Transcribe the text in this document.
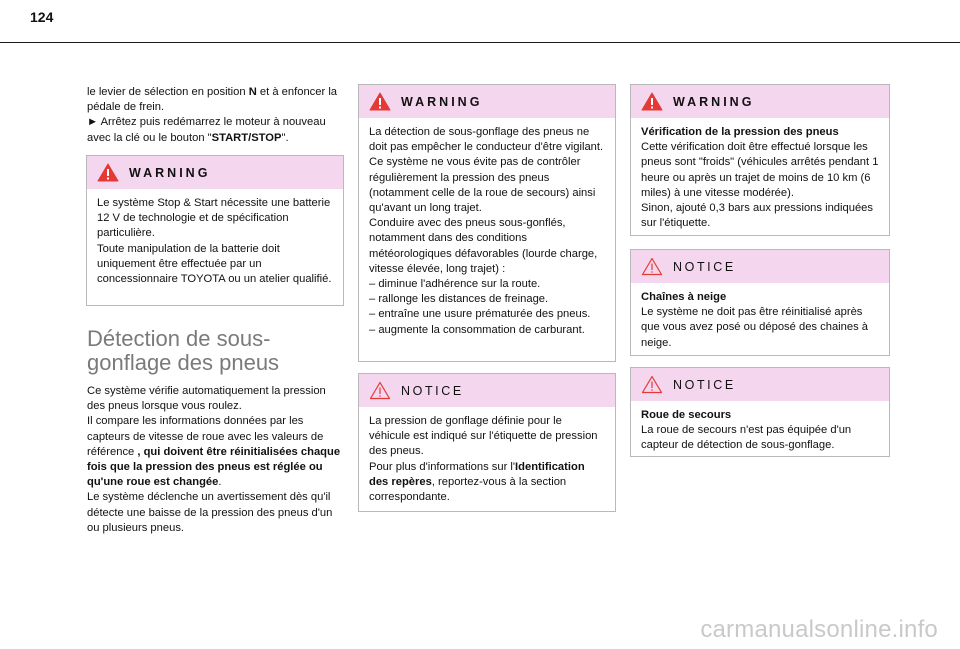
124

le levier de sélection en position N et à enfoncer la pédale de frein.

► Arrêtez puis redémarrez le moteur à nouveau avec la clé ou le bouton "START/STOP".

WARNING

Le système Stop & Start nécessite une batterie 12 V de technologie et de spécification particulière.

Toute manipulation de la batterie doit uniquement être effectuée par un concessionnaire TOYOTA ou un atelier qualifié.

Détection de sous-gonflage des pneus

Ce système vérifie automatiquement la pression des pneus lorsque vous roulez.

Il compare les informations données par les capteurs de vitesse de roue avec les valeurs de référence , qui doivent être réinitialisées chaque fois que la pression des pneus est réglée ou qu'une roue est changée.

Le système déclenche un avertissement dès qu'il détecte une baisse de la pression des pneus d'un ou plusieurs pneus.

WARNING

La détection de sous-gonflage des pneus ne doit pas empêcher le conducteur d'être vigilant.

Ce système ne vous évite pas de contrôler régulièrement la pression des pneus (notamment celle de la roue de secours) ainsi qu'avant un long trajet.

Conduire avec des pneus sous-gonflés, notamment dans des conditions météorologiques défavorables (lourde charge, vitesse élevée, long trajet) :

– diminue l'adhérence sur la route.

– rallonge les distances de freinage.

– entraîne une usure prématurée des pneus.

– augmente la consommation de carburant.

NOTICE

La pression de gonflage définie pour le véhicule est indiqué sur l'étiquette de pression des pneus.

Pour plus d'informations sur l'Identification des repères, reportez-vous à la section correspondante.

WARNING

Vérification de la pression des pneus

Cette vérification doit être effectué lorsque les pneus sont "froids" (véhicules arrêtés pendant 1 heure ou après un trajet de moins de 10 km (6 miles) à une vitesse modérée).

Sinon, ajouté 0,3 bars aux pressions indiquées sur l'étiquette.

NOTICE

Chaînes à neige

Le système ne doit pas être réinitialisé après que vous avez posé ou déposé des chaines à neige.

NOTICE

Roue de secours

La roue de secours n'est pas équipée d'un capteur de détection de sous-gonflage.

carmanualsonline.info
